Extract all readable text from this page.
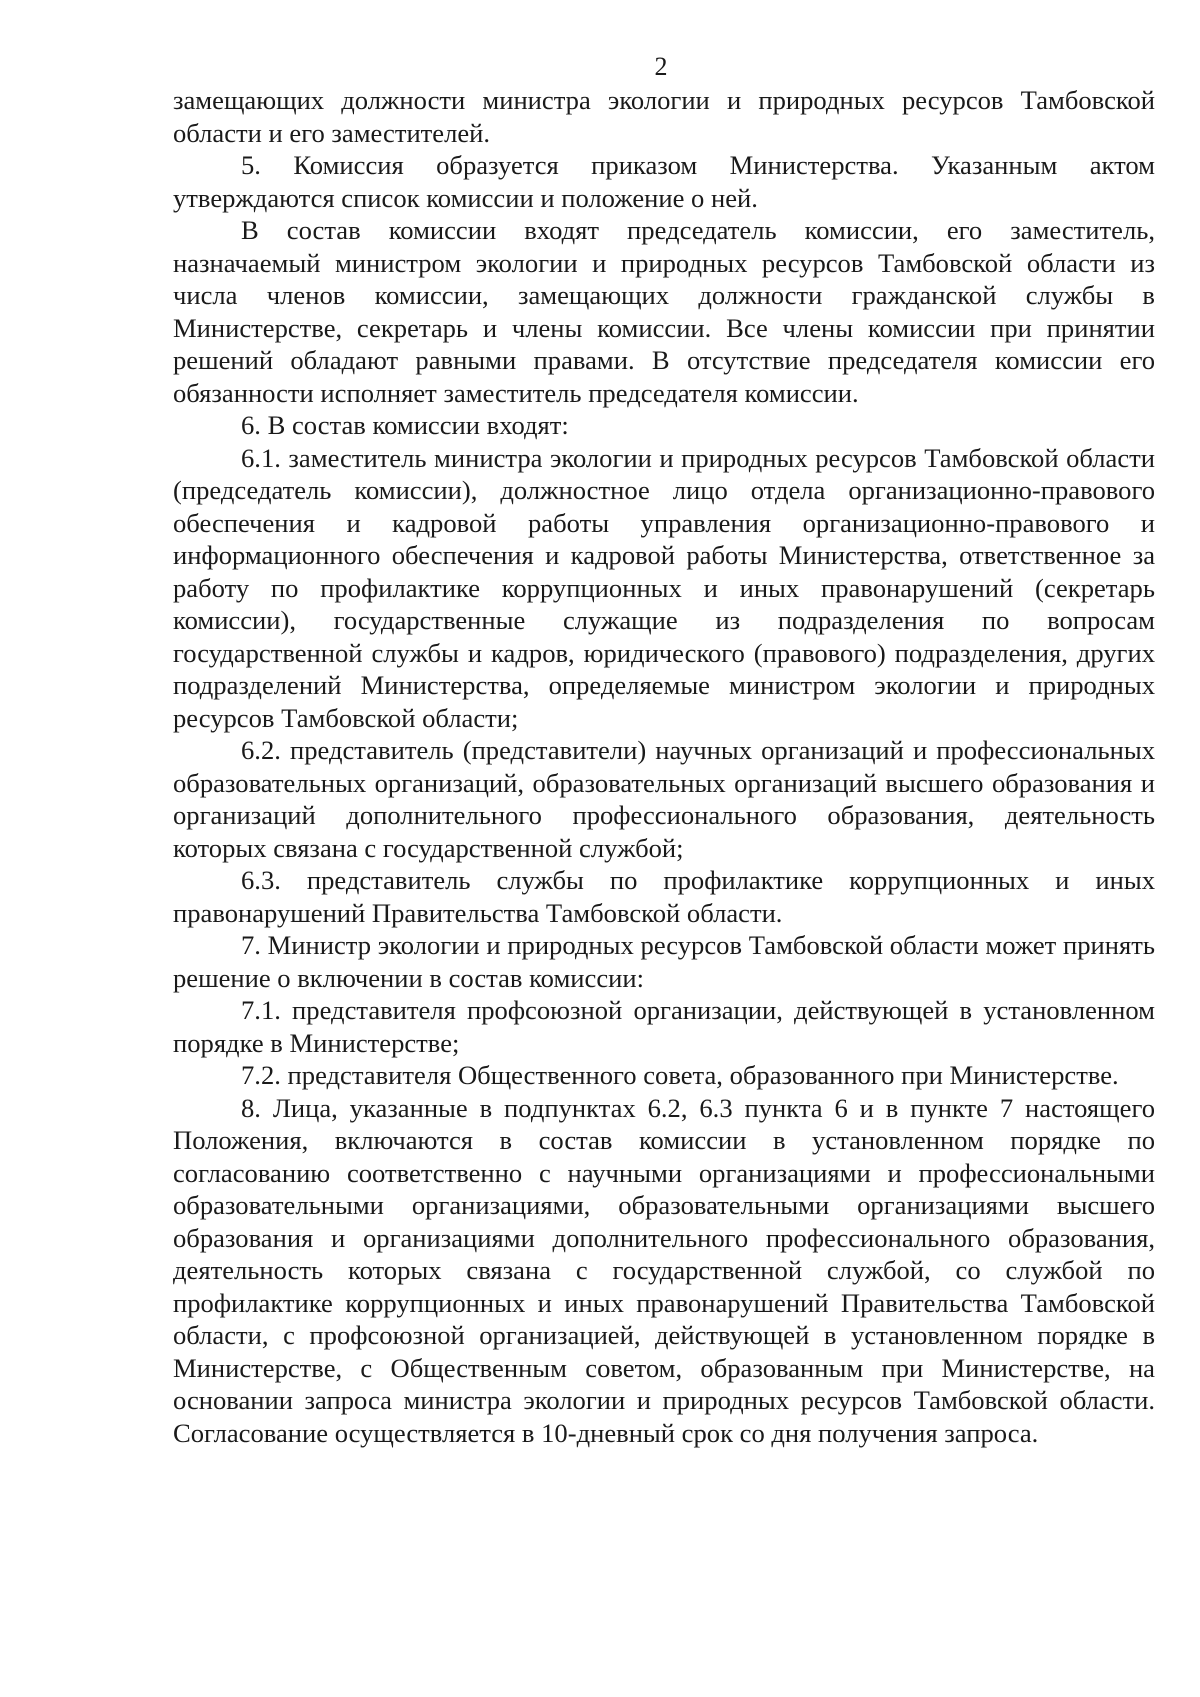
2

замещающих должности министра экологии и природных ресурсов Тамбовской области и его заместителей.

5. Комиссия образуется приказом Министерства. Указанным актом утверждаются список комиссии и положение о ней.

В состав комиссии входят председатель комиссии, его заместитель, назначаемый министром экологии и природных ресурсов Тамбовской области из числа членов комиссии, замещающих должности гражданской службы в Министерстве, секретарь и члены комиссии. Все члены комиссии при принятии решений обладают равными правами. В отсутствие председателя комиссии его обязанности исполняет заместитель председателя комиссии.

6. В состав комиссии входят:

6.1. заместитель министра экологии и природных ресурсов Тамбовской области (председатель комиссии), должностное лицо отдела организационно-правового обеспечения и кадровой работы управления организационно-правового и информационного обеспечения и кадровой работы Министерства, ответственное за работу по профилактике коррупционных и иных правонарушений (секретарь комиссии), государственные служащие из подразделения по вопросам государственной службы и кадров, юридического (правового) подразделения, других подразделений Министерства, определяемые министром экологии и природных ресурсов Тамбовской области;

6.2. представитель (представители) научных организаций и профессиональных образовательных организаций, образовательных организаций высшего образования и организаций дополнительного профессионального образования, деятельность которых связана с государственной службой;

6.3. представитель службы по профилактике коррупционных и иных правонарушений Правительства Тамбовской области.

7. Министр экологии и природных ресурсов Тамбовской области может принять решение о включении в состав комиссии:

7.1. представителя профсоюзной организации, действующей в установленном порядке в Министерстве;

7.2. представителя Общественного совета, образованного при Министерстве.

8. Лица, указанные в подпунктах 6.2, 6.3 пункта 6 и в пункте 7 настоящего Положения, включаются в состав комиссии в установленном порядке по согласованию соответственно с научными организациями и профессиональными образовательными организациями, образовательными организациями высшего образования и организациями дополнительного профессионального образования, деятельность которых связана с государственной службой, со службой по профилактике коррупционных и иных правонарушений Правительства Тамбовской области, с профсоюзной организацией, действующей в установленном порядке в Министерстве, с Общественным советом, образованным при Министерстве, на основании запроса министра экологии и природных ресурсов Тамбовской области. Согласование осуществляется в 10-дневный срок со дня получения запроса.
